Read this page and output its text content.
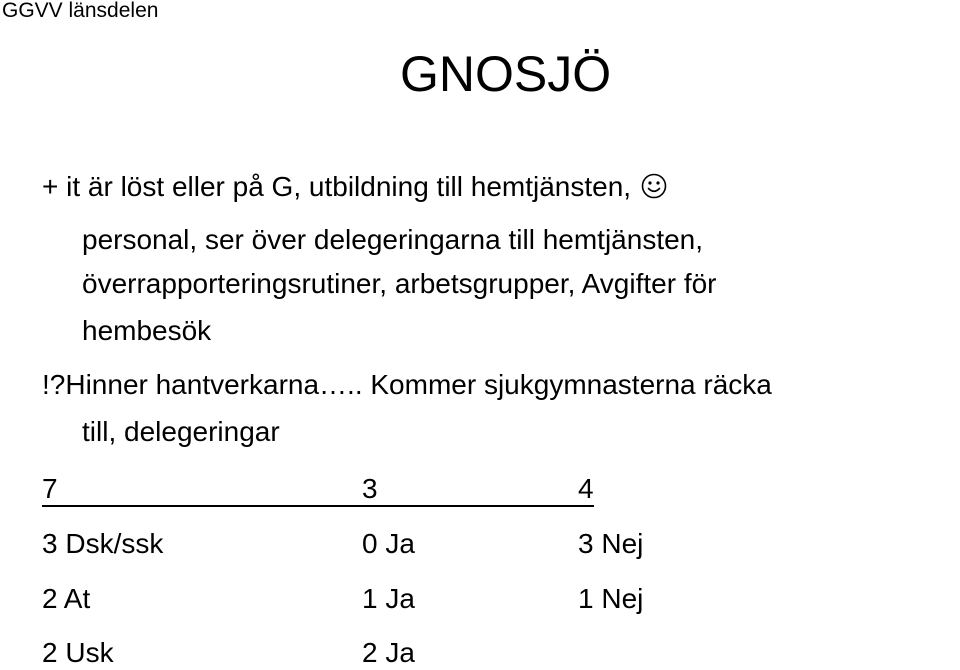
GGVV länsdelen
GNOSJÖ
+ it är löst eller på G, utbildning till hemtjänsten,
personal, ser över delegeringarna till hemtjänsten,
överrapporteringsrutiner, arbetsgrupper, Avgifter för
hembesök
!?Hinner hantverkarna….. Kommer sjukgymnasterna räcka
till, delegeringar
7	3	4
3 Dsk/ssk	0 Ja	3 Nej
2 At	1 Ja	1 Nej
2 Usk	2 Ja
